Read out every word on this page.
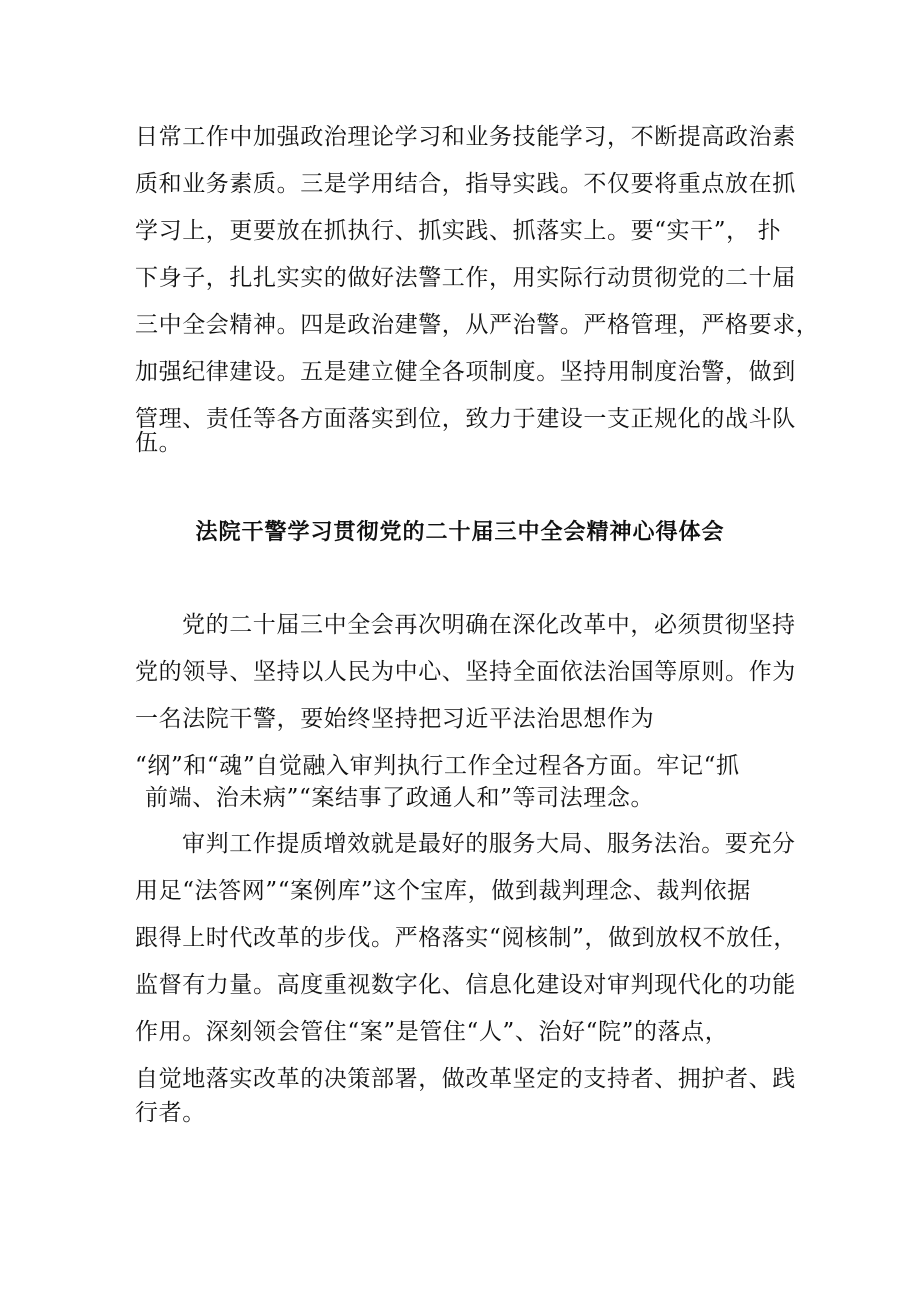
日常工作中加强政治理论学习和业务技能学习，不断提高政治素
质和业务素质。三是学用结合，指导实践。不仅要将重点放在抓
学习上，更要放在抓执行、抓实践、抓落实上。要“实干”， 扑
下身子，扎扎实实的做好法警工作，用实际行动贯彻党的二十届
三中全会精神。四是政治建警，从严治警。严格管理，严格要求，
加强纪律建设。五是建立健全各项制度。坚持用制度治警，做到
管理、责任等各方面落实到位，致力于建设一支正规化的战斗队
伍。
法院干警学习贯彻党的二十届三中全会精神心得体会
党的二十届三中全会再次明确在深化改革中，必须贯彻坚持
党的领导、坚持以人民为中心、坚持全面依法治国等原则。作为
一名法院干警，要始终坚持把习近平法治思想作为
“纲”和“魂”自觉融入审判执行工作全过程各方面。牢记“抓
前端、治未病”“案结事了政通人和”等司法理念。
审判工作提质增效就是最好的服务大局、服务法治。要充分
用足“法答网”“案例库”这个宝库，做到裁判理念、裁判依据
跟得上时代改革的步伐。严格落实“阅核制”，做到放权不放任，
监督有力量。高度重视数字化、信息化建设对审判现代化的功能
作用。深刻领会管住“案”是管住“人”、治好“院”的落点，
自觉地落实改革的决策部署，做改革坚定的支持者、拥护者、践
行者。
